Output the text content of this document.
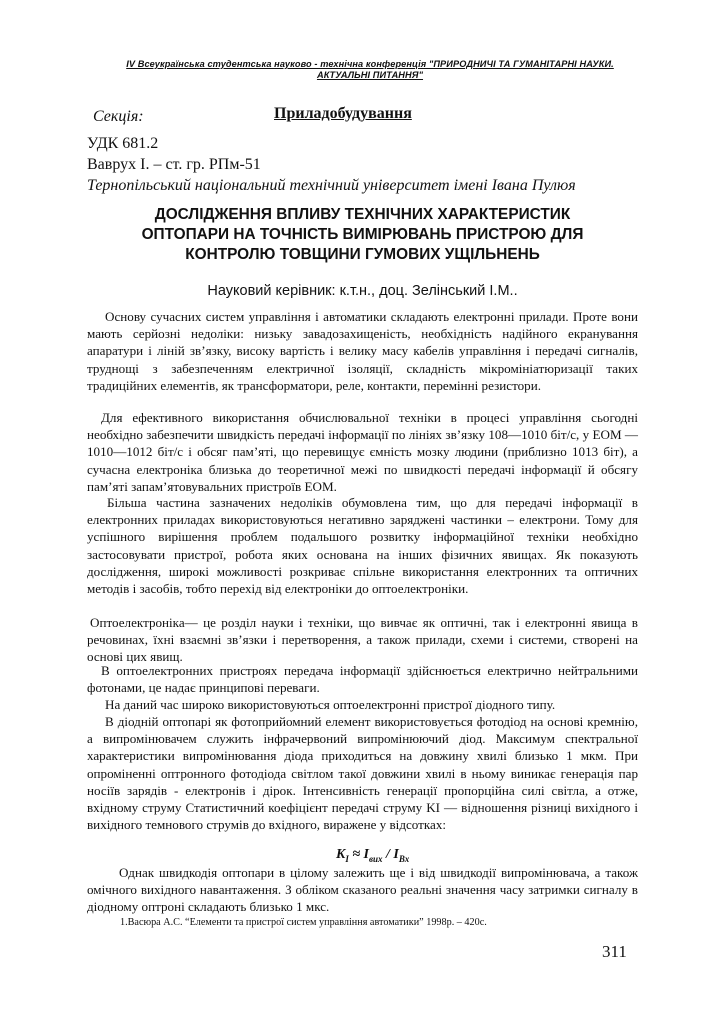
IV Всеукраїнська студентська науково - технічна конференція "ПРИРОДНИЧІ ТА ГУМАНІТАРНІ НАУКИ.
АКТУАЛЬНІ ПИТАННЯ"
Секція:	Приладобудування
УДК 681.2
Ваврух І. – ст. гр. РПм-51
Тернопільський національний технічний університет імені Івана Пулюя
ДОСЛІДЖЕННЯ ВПЛИВУ ТЕХНІЧНИХ ХАРАКТЕРИСТИК
ОПТОПАРИ НА ТОЧНІСТЬ ВИМІРЮВАНЬ ПРИСТРОЮ ДЛЯ
КОНТРОЛЮ ТОВЩИНИ ГУМОВИХ УЩІЛЬНЕНЬ
Науковий керівник: к.т.н., доц. Зелінський І.М..
Основу сучасних систем управління і автоматики складають електронні прилади. Проте вони мають серйозні недоліки: низьку завадозахищеність, необхідність надійного екранування апаратури і ліній зв’язку, високу вартість і велику масу кабелів управління і передачі сигналів, труднощі з забезпеченням електричної ізоляції, складність мікромініатюризації таких традиційних елементів, як трансформатори, реле, контакти, перемінні резистори.
Для ефективного використання обчислювальної техніки в процесі управління сьогодні необхідно забезпечити швидкість передачі інформації по лініях зв’язку 108—1010 біт/с, у ЕОМ — 1010—1012 біт/с і обсяг пам’яті, що перевищує ємність мозку людини (приблизно 1013 біт), а сучасна електроніка близька до теоретичної межі по швидкості передачі інформації й обсягу пам’яті запам’ятовувальних пристроїв ЕОМ.
Більша частина зазначених недоліків обумовлена тим, що для передачі інформації в електронних приладах використовуються негативно заряджені частинки – електрони. Тому для успішного вирішення проблем подальшого розвитку інформаційної техніки необхідно застосовувати пристрої, робота яких основана на інших фізичних явищах. Як показують дослідження, широкі можливості розкриває спільне використання електронних та оптичних методів і засобів, тобто перехід від електроніки до оптоелектроніки.
Оптоелектроніка— це розділ науки і техніки, що вивчає як оптичні, так і електронні явища в речовинах, їхні взаємні зв’язки і перетворення, а також прилади, схеми і системи, створені на основі цих явищ.
В оптоелектронних пристроях передача інформації здійснюється електрично нейтральними фотонами, це надає принципові переваги.
На даний час широко використовуються оптоелектронні пристрої діодного типу.
В діодній оптопарі як фотоприйомний елемент використовується фотодіод на основі кремнію, а випромінювачем служить інфрачервоний випромінюючий діод. Максимум спектральної характеристики випромінювання діода приходиться на довжину хвилі близько 1 мкм. При опроміненні оптронного фотодіода світлом такої довжини хвилі в ньому виникає генерація пар носіїв зарядів - електронів і дірок. Інтенсивність генерації пропорційна силі світла, а отже, вхідному струму Статистичний коефіцієнт передачі струму KI — відношення різниці вихідного і вихідного темнового струмів до вхідного, виражене у відсотках:
$K_I \approx I_{вих} / I_{Вх}$
Однак швидкодія оптопари в цілому залежить ще і від швидкодії випромінювача, а також омічного вихідного навантаження. З обліком сказаного реальні значення часу затримки сигналу в діодному оптроні складають близько 1 мкс.
1.Васюра А.С. “Елементи та пристрої систем управління автоматики” 1998р. – 420с.
311
